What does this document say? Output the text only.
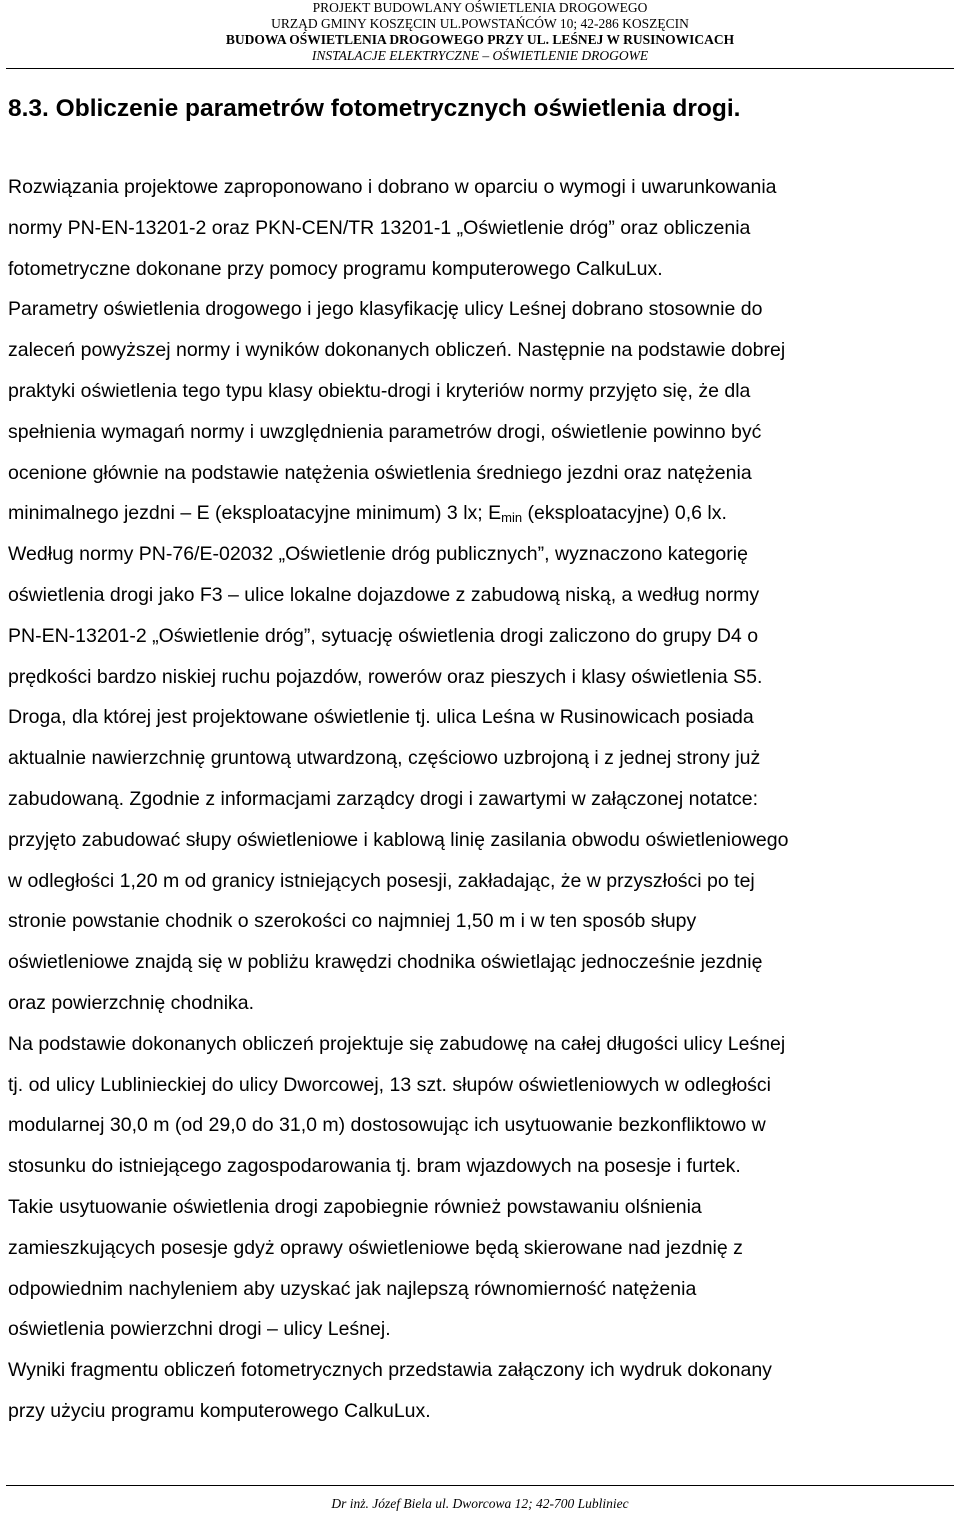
PROJEKT BUDOWLANY OŚWIETLENIA DROGOWEGO
URZĄD GMINY KOSZĘCIN UL.POWSTAŃCÓW 10; 42-286 KOSZĘCIN
BUDOWA OŚWIETLENIA DROGOWEGO PRZY UL. LEŚNEJ W RUSINOWICACH
INSTALACJE ELEKTRYCZNE – OŚWIETLENIE DROGOWE
8.3. Obliczenie parametrów fotometrycznych oświetlenia drogi.
Rozwiązania projektowe zaproponowano i dobrano w oparciu o wymogi i uwarunkowania
normy PN-EN-13201-2 oraz PKN-CEN/TR 13201-1 „Oświetlenie dróg” oraz obliczenia
fotometryczne dokonane przy pomocy programu komputerowego CalkuLux.
Parametry oświetlenia drogowego i jego klasyfikację ulicy Leśnej dobrano stosownie do
zaleceń powyższej normy i wyników dokonanych obliczeń. Następnie na podstawie dobrej
praktyki oświetlenia tego typu klasy obiektu-drogi i kryteriów normy przyjęto się, że dla
spełnienia wymagań normy i uwzględnienia parametrów drogi, oświetlenie powinno być
ocenione głównie na podstawie natężenia oświetlenia średniego jezdni oraz natężenia
minimalnego jezdni – E (eksploatacyjne minimum) 3 lx; $E_{min}$ (eksploatacyjne) 0,6 lx.
Według normy PN-76/E-02032 „Oświetlenie dróg publicznych”, wyznaczono kategorię
oświetlenia drogi jako F3 – ulice lokalne dojazdowe z zabudową niską, a według normy
PN-EN-13201-2 „Oświetlenie dróg”, sytuację oświetlenia drogi zaliczono do grupy D4 o
prędkości bardzo niskiej ruchu pojazdów, rowerów oraz pieszych i klasy oświetlenia S5.
Droga, dla której jest projektowane oświetlenie tj. ulica Leśna w Rusinowicach posiada
aktualnie nawierzchnię gruntową utwardzoną, częściowo uzbrojoną i z jednej strony już
zabudowaną. Zgodnie z informacjami zarządcy drogi i zawartymi w załączonej notatce:
przyjęto zabudować słupy oświetleniowe i kablową linię zasilania obwodu oświetleniowego
w odległości 1,20 m od granicy istniejących posesji, zakładając, że w przyszłości po tej
stronie powstanie chodnik o szerokości co najmniej 1,50 m i w ten sposób słupy
oświetleniowe znajdą się w pobliżu krawędzi chodnika oświetlając jednocześnie jezdnię
oraz powierzchnię chodnika.
Na podstawie dokonanych obliczeń projektuje się zabudowę na całej długości ulicy Leśnej
tj. od ulicy Lublinieckiej do ulicy Dworcowej, 13 szt. słupów oświetleniowych w odległości
modularnej 30,0 m (od 29,0 do 31,0 m) dostosowując ich usytuowanie bezkonfliktowo w
stosunku do istniejącego zagospodarowania tj. bram wjazdowych na posesje i furtek.
Takie usytuowanie oświetlenia drogi zapobiegnie również powstawaniu olśnienia
zamieszkujących posesje gdyż oprawy oświetleniowe będą skierowane nad jezdnię z
odpowiednim nachyleniem aby uzyskać jak najlepszą równomierność natężenia
oświetlenia powierzchni drogi – ulicy Leśnej.
Wyniki fragmentu obliczeń fotometrycznych przedstawia załączony ich wydruk dokonany
przy użyciu programu komputerowego CalkuLux.
Dr inż. Józef Biela ul. Dworcowa 12; 42-700 Lubliniec
